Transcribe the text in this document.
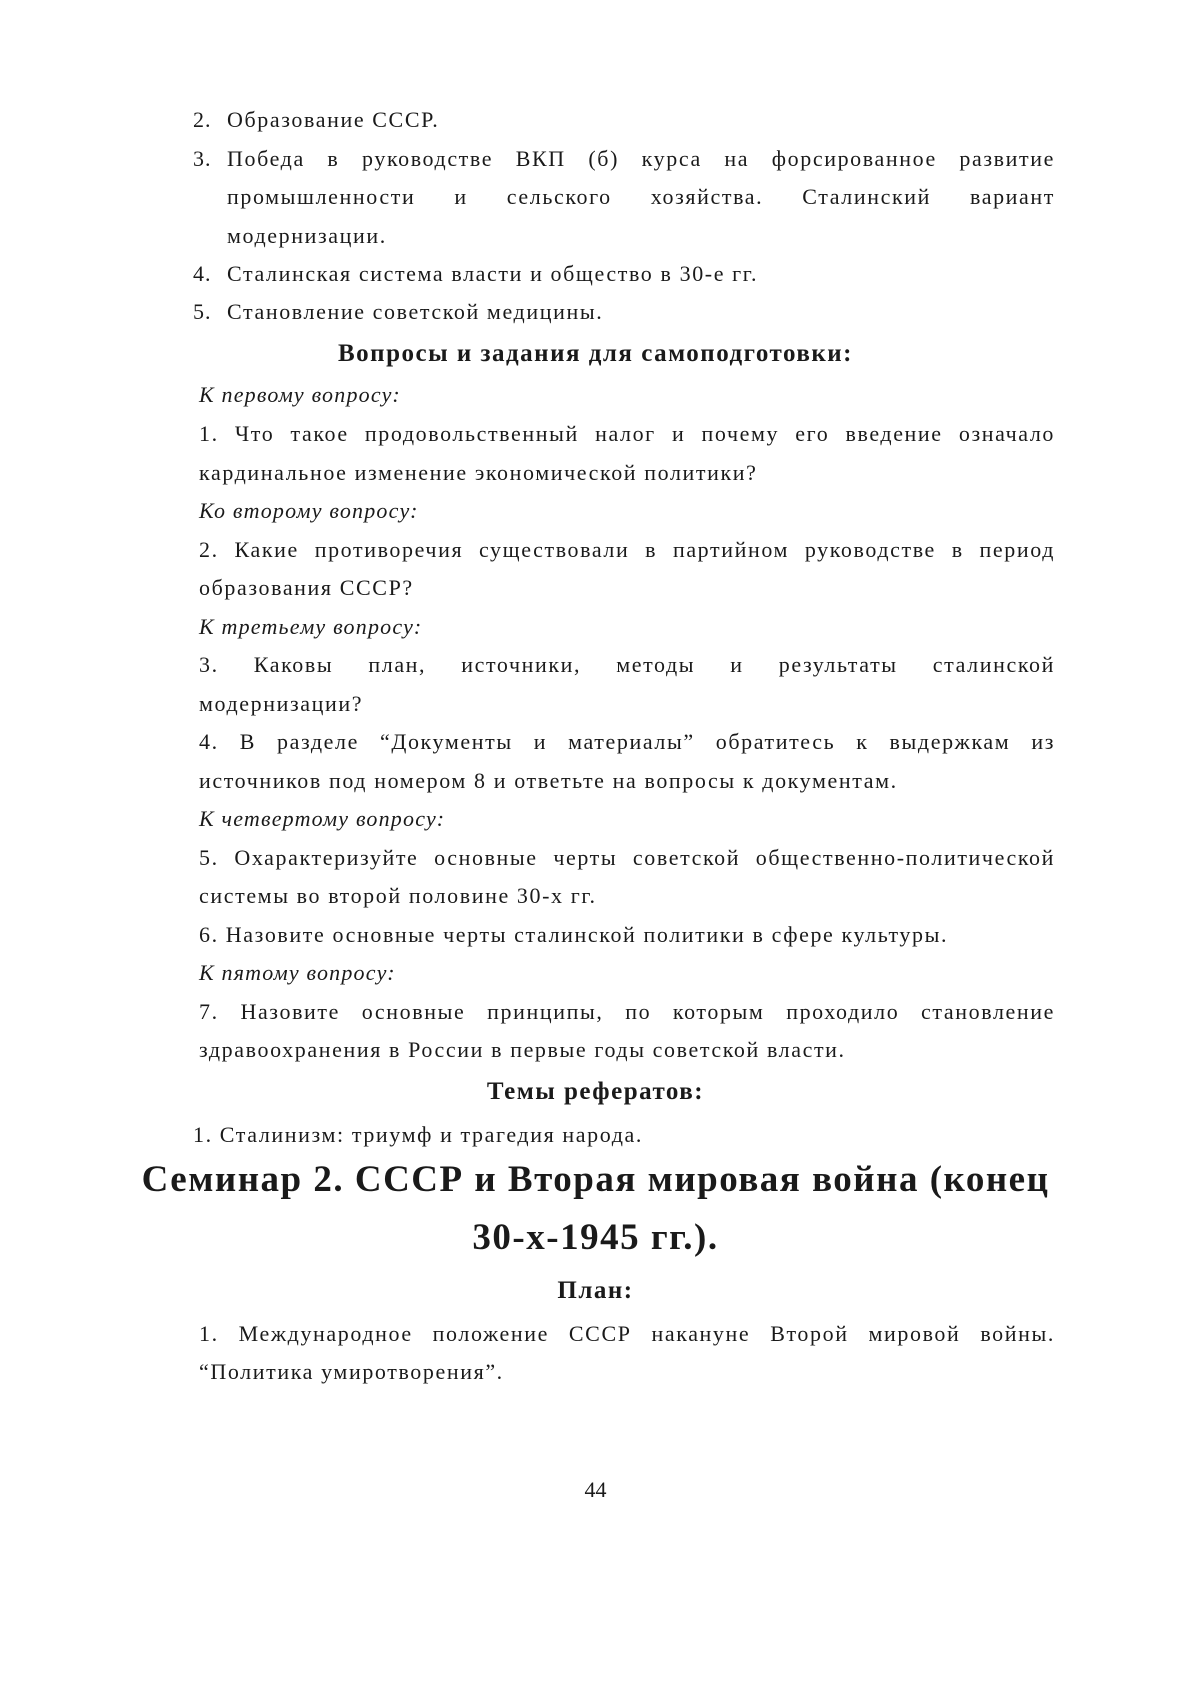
2. Образование СССР.
3. Победа в руководстве ВКП (б) курса на форсированное развитие
промышленности и сельского хозяйства. Сталинский вариант
модернизации.
4. Сталинская система власти и общество в 30-е гг.
5. Становление советской медицины.
Вопросы и задания для самоподготовки:
К первому вопросу:
1. Что такое продовольственный налог и почему его введение означало
кардинальное изменение экономической политики?
Ко второму вопросу:
2. Какие противоречия существовали в партийном руководстве в период
образования СССР?
К третьему вопросу:
3. Каковы план, источники, методы и результаты сталинской
модернизации?
4. В разделе “Документы и материалы” обратитесь к выдержкам из
источников под номером 8 и ответьте на вопросы к документам.
К четвертому вопросу:
5. Охарактеризуйте основные черты советской общественно-политической
системы во второй половине 30-х гг.
6. Назовите основные черты сталинской политики в сфере культуры.
К пятому вопросу:
7. Назовите основные принципы, по которым проходило становление
здравоохранения в России в первые годы советской власти.
Темы рефератов:
1. Сталинизм: триумф и трагедия народа.
Семинар 2. СССР и Вторая мировая война (конец
30-х-1945 гг.).
План:
1. Международное положение СССР накануне Второй мировой войны.
“Политика умиротворения”.
44
